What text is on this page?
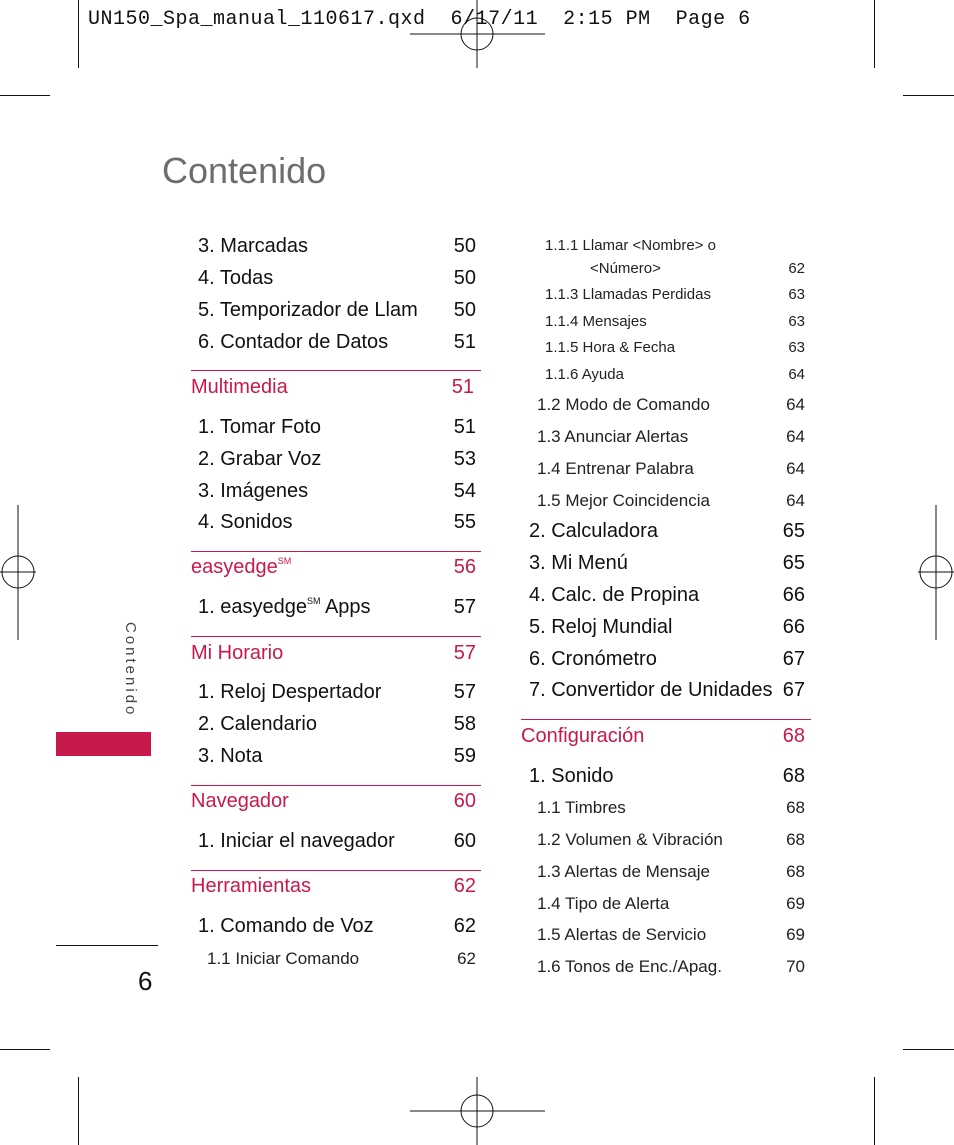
UN150_Spa_manual_110617.qxd  6/17/11  2:15 PM  Page 6
Contenido
3. Marcadas	50
4. Todas	50
5. Temporizador de Llam 50
6. Contador de Datos	51
Multimedia	51
1. Tomar Foto	51
2. Grabar Voz	53
3. Imágenes	54
4. Sonidos	55
easyedge℠	56
1. easyedge℠ Apps	57
Mi Horario	57
1. Reloj Despertador	57
2. Calendario	58
3. Nota	59
Navegador	60
1. Iniciar el navegador	60
Herramientas	62
1. Comando de Voz	62
1.1 Iniciar Comando	62
1.1.1 Llamar <Nombre> o
<Número>	62
1.1.3 Llamadas Perdidas	63
1.1.4 Mensajes	63
1.1.5 Hora & Fecha	63
1.1.6 Ayuda	64
1.2 Modo de Comando	64
1.3 Anunciar Alertas	64
1.4 Entrenar Palabra	64
1.5 Mejor Coincidencia	64
2. Calculadora	65
3. Mi Menú	65
4. Calc. de Propina	66
5. Reloj Mundial	66
6. Cronómetro	67
7. Convertidor de Unidades 67
Configuración	68
1. Sonido	68
1.1 Timbres	68
1.2 Volumen & Vibración	68
1.3 Alertas de Mensaje	68
1.4 Tipo de Alerta	69
1.5 Alertas de Servicio	69
1.6 Tonos de Enc./Apag.	70
Contenido
6
